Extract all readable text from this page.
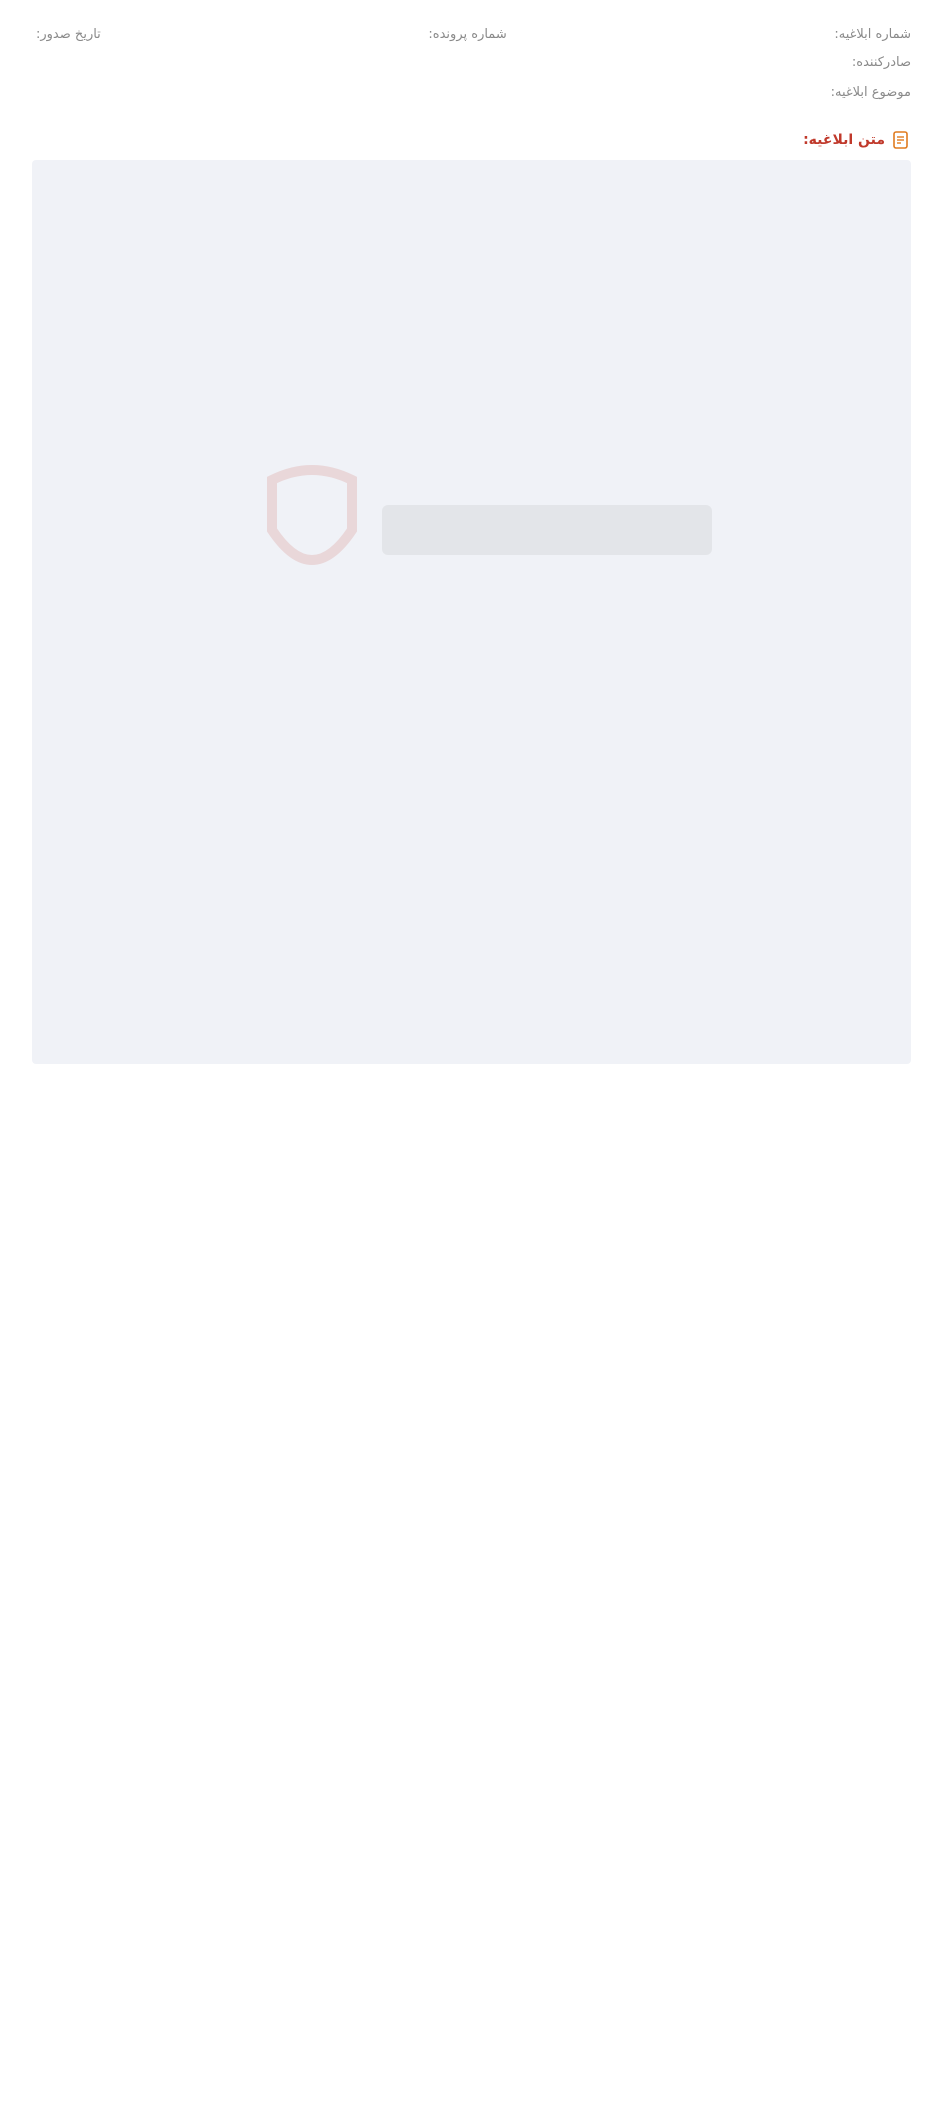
شماره ابلاغیه:
شماره پرونده:
تاریخ صدور:
صادرکننده:
موضوع ابلاغیه:
متن ابلاغیه:
